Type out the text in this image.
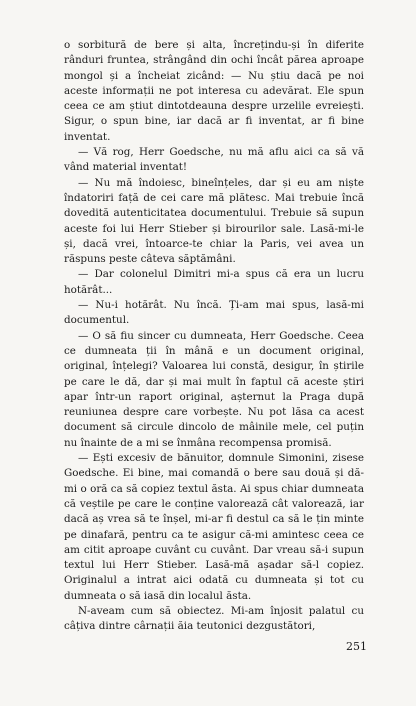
o sorbitură de bere și alta, încrețindu-și în diferite rânduri fruntea, strângând din ochi încât părea aproape mongol și a încheiat zicând: — Nu știu dacă pe noi aceste informații ne pot interesa cu adevărat. Ele spun ceea ce am știut dintotdeauna despre urzelile evreiești. Sigur, o spun bine, iar dacă ar fi inventat, ar fi bine inventat.

— Vă rog, Herr Goedsche, nu mă aflu aici ca să vă vând material inventat!

— Nu mă îndoiesc, bineînțeles, dar și eu am niște îndatoriri față de cei care mă plătesc. Mai trebuie încă dovedită autenticitatea documentului. Trebuie să supun aceste foi lui Herr Stieber și birourilor sale. Lasă-mi-le și, dacă vrei, întoarce-te chiar la Paris, vei avea un răspuns peste câteva săptămâni.

— Dar colonelul Dimitri mi-a spus că era un lucru hotărât...

— Nu-i hotărât. Nu încă. Ți-am mai spus, lasă-mi documentul.

— O să fiu sincer cu dumneata, Herr Goedsche. Ceea ce dumneata ții în mână e un document original, original, înțelegi? Valoarea lui constă, desigur, în știrile pe care le dă, dar și mai mult în faptul că aceste știri apar într-un raport original, așternut la Praga după reuniunea despre care vorbește. Nu pot lăsa ca acest document să circule dincolo de mâinile mele, cel puțin nu înainte de a mi se înmâna recompensa promisă.

— Ești excesiv de bănuitor, domnule Simonini, zisese Goedsche. Ei bine, mai comandă o bere sau două și dă-mi o oră ca să copiez textul ăsta. Ai spus chiar dumneata că veștile pe care le conține valorează cât valorează, iar dacă aș vrea să te înșel, mi-ar fi destul ca să le țin minte pe dinafară, pentru ca te asigur că-mi amintesc ceea ce am citit aproape cuvânt cu cuvânt. Dar vreau să-i supun textul lui Herr Stieber. Lasă-mă așadar să-l copiez. Originalul a intrat aici odată cu dumneata și tot cu dumneata o să iasă din localul ăsta.

N-aveam cum să obiectez. Mi-am înjosit palatul cu câțiva dintre cârnații ăia teutonici dezgustători,

251
